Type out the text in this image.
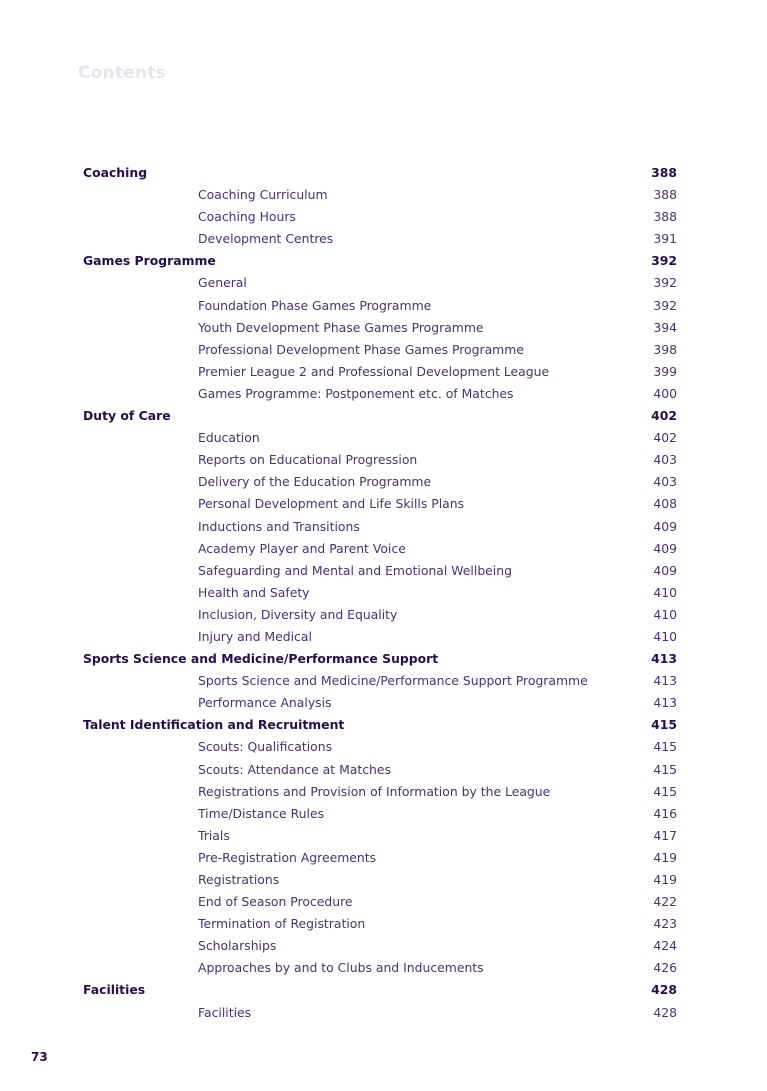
Contents
Coaching	388
Coaching Curriculum	388
Coaching Hours	388
Development Centres	391
Games Programme	392
General	392
Foundation Phase Games Programme	392
Youth Development Phase Games Programme	394
Professional Development Phase Games Programme	398
Premier League 2 and Professional Development League	399
Games Programme: Postponement etc. of Matches	400
Duty of Care	402
Education	402
Reports on Educational Progression	403
Delivery of the Education Programme	403
Personal Development and Life Skills Plans	408
Inductions and Transitions	409
Academy Player and Parent Voice	409
Safeguarding and Mental and Emotional Wellbeing	409
Health and Safety	410
Inclusion, Diversity and Equality	410
Injury and Medical	410
Sports Science and Medicine/Performance Support	413
Sports Science and Medicine/Performance Support Programme	413
Performance Analysis	413
Talent Identification and Recruitment	415
Scouts: Qualifications	415
Scouts: Attendance at Matches	415
Registrations and Provision of Information by the League	415
Time/Distance Rules	416
Trials	417
Pre-Registration Agreements	419
Registrations	419
End of Season Procedure	422
Termination of Registration	423
Scholarships	424
Approaches by and to Clubs and Inducements	426
Facilities	428
Facilities	428
73
